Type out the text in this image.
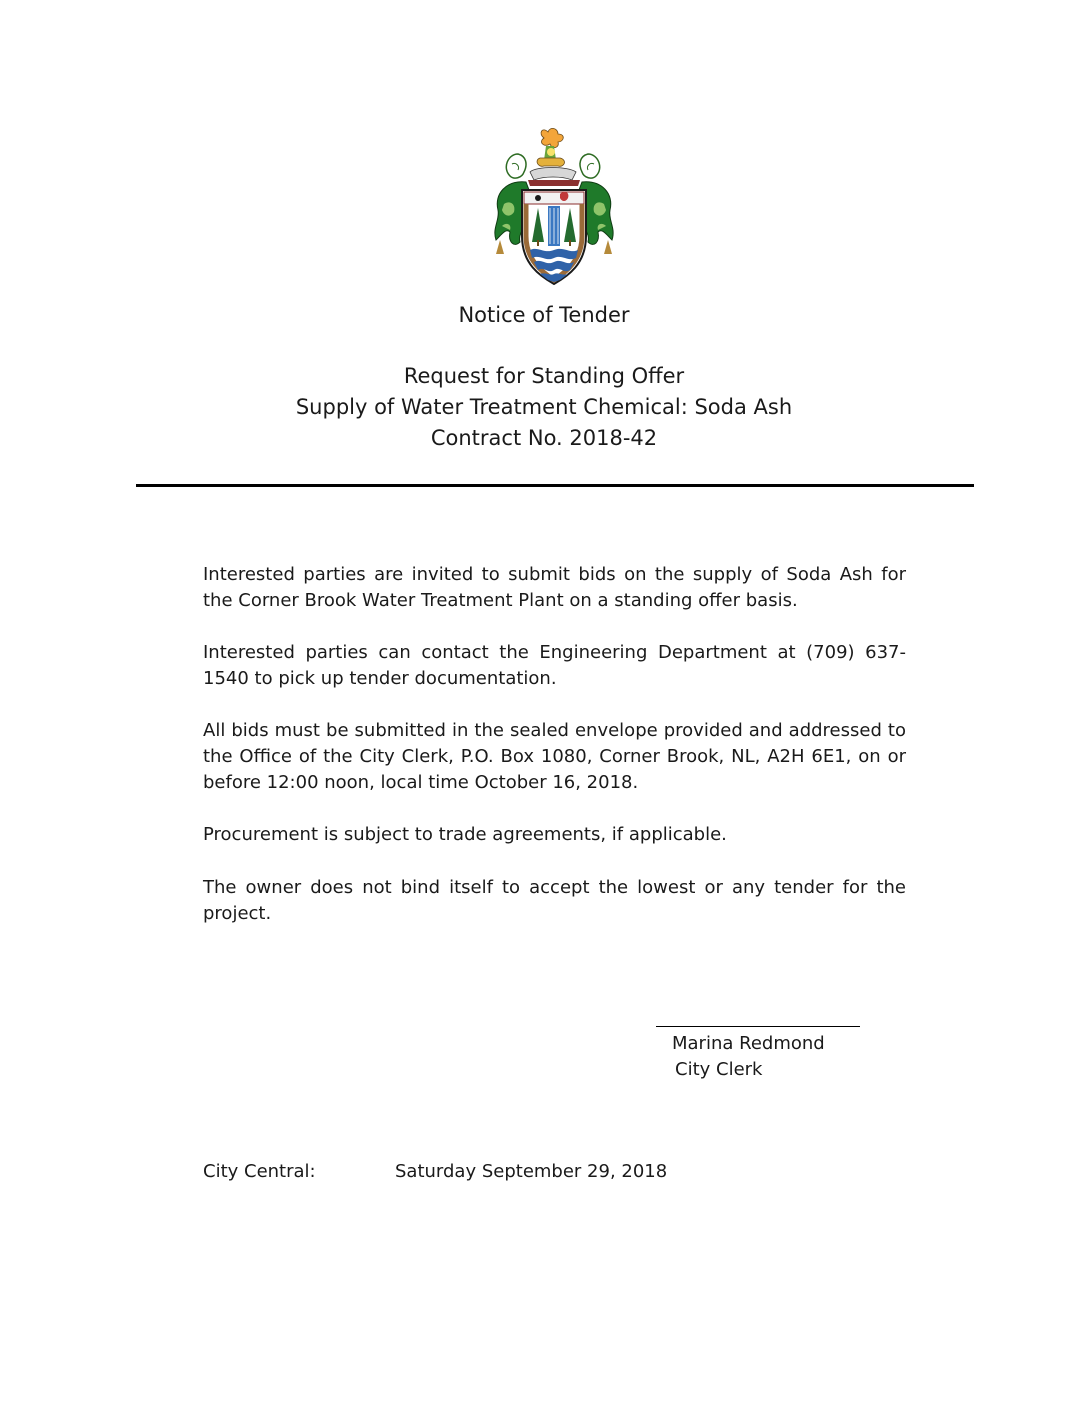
Notice of Tender
Request for Standing Offer
Supply of Water Treatment Chemical: Soda Ash
Contract No. 2018-42

Interested parties are invited to submit bids on the supply of Soda Ash for the Corner Brook Water Treatment Plant on a standing offer basis.

Interested parties can contact the Engineering Department at (709) 637-1540 to pick up tender documentation.

All bids must be submitted in the sealed envelope provided and addressed to the Office of the City Clerk, P.O. Box 1080, Corner Brook, NL, A2H 6E1, on or before 12:00 noon, local time October 16, 2018.

Procurement is subject to trade agreements, if applicable.

The owner does not bind itself to accept the lowest or any tender for the project.

Marina Redmond
City Clerk
City Central:	Saturday September 29, 2018
